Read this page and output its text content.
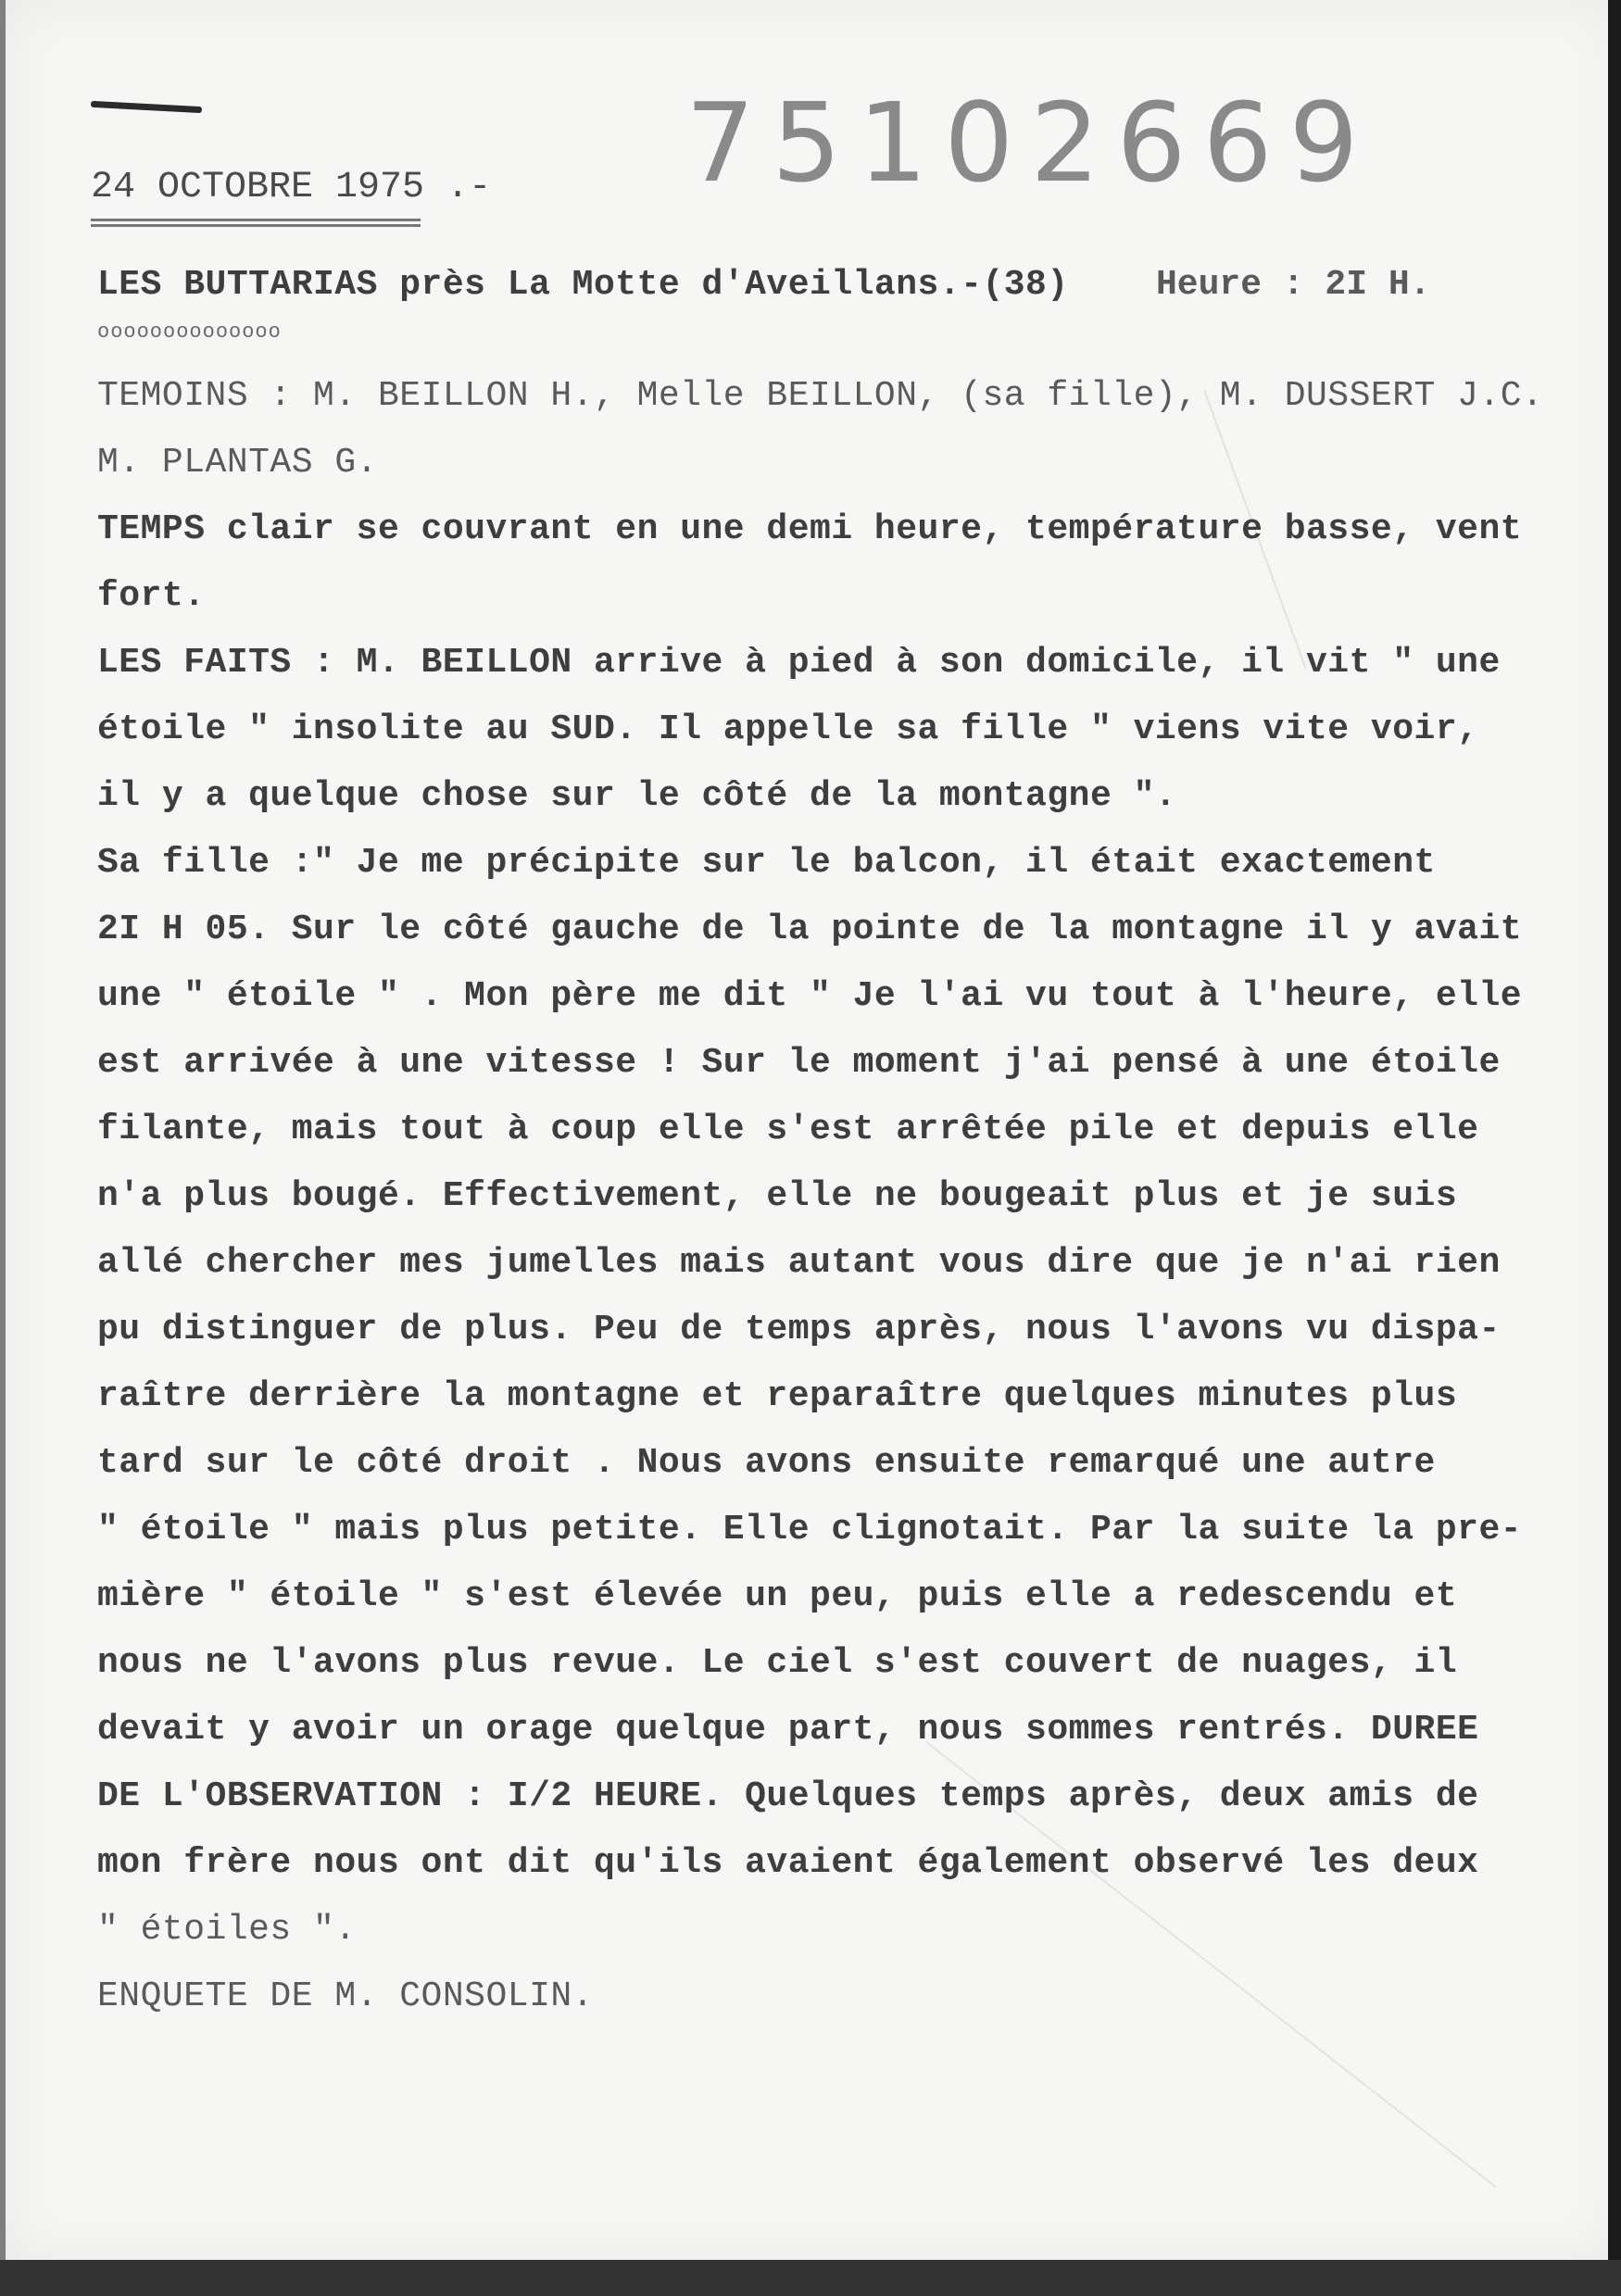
75102669
24 OCTOBRE 1975 .-
LES BUTTARIAS près La Motte d'Aveillans.-(38) Heure : 2I H.
oooooooooooooo
TEMOINS : M. BEILLON H., Melle BEILLON, (sa fille), M. DUSSERT J.C.
M. PLANTAS G.
TEMPS clair se couvrant en une demi heure, température basse, vent
fort.
LES FAITS : M. BEILLON arrive à pied à son domicile, il vit " une
étoile " insolite au SUD. Il appelle sa fille " viens vite voir,
il y a quelque chose sur le côté de la montagne ".
Sa fille :" Je me précipite sur le balcon, il était exactement
2I H 05. Sur le côté gauche de la pointe de la montagne il y avait
une " étoile " . Mon père me dit " Je l'ai vu tout à l'heure, elle
est arrivée à une vitesse ! Sur le moment j'ai pensé à une étoile
filante, mais tout à coup elle s'est arrêtée pile et depuis elle
n'a plus bougé. Effectivement, elle ne bougeait plus et je suis
allé chercher mes jumelles mais autant vous dire que je n'ai rien
pu distinguer de plus. Peu de temps après, nous l'avons vu dispa-
raître derrière la montagne et reparaître quelques minutes plus
tard sur le côté droit . Nous avons ensuite remarqué une autre
" étoile " mais plus petite. Elle clignotait. Par la suite la pre-
mière " étoile " s'est élevée un peu, puis elle a redescendu et
nous ne l'avons plus revue. Le ciel s'est couvert de nuages, il
devait y avoir un orage quelque part, nous sommes rentrés. DUREE
DE L'OBSERVATION : I/2 HEURE. Quelques temps après, deux amis de
mon frère nous ont dit qu'ils avaient également observé les deux
" étoiles ".
ENQUETE DE M. CONSOLIN.
